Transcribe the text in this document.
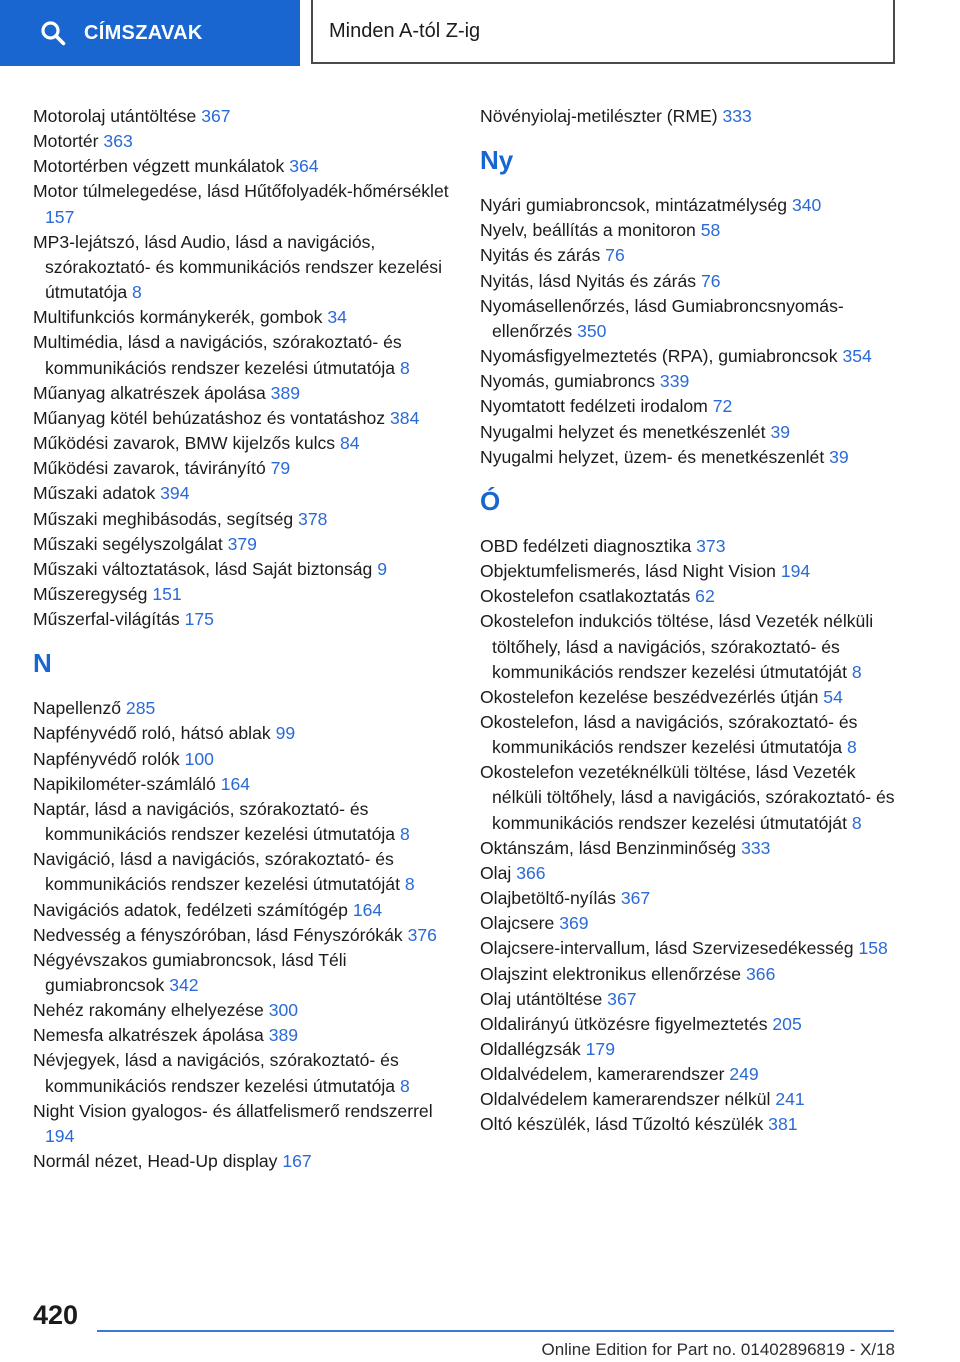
CÍMSZAVAK	Minden A-tól Z-ig
Motorolaj utántöltése 367
Motortér 363
Motortérben végzett munkálatok 364
Motor túlmelegedése, lásd Hűtőfolyadék-hőmérséklet 157
MP3-lejátszó, lásd Audio, lásd a navigációs, szórakoztató- és kommunikációs rendszer kezelési útmutatója 8
Multifunkciós kormánykerék, gombok 34
Multimédia, lásd a navigációs, szórakoztató- és kommunikációs rendszer kezelési útmutatója 8
Műanyag alkatrészek ápolása 389
Műanyag kötél behúzatáshoz és vontatáshoz 384
Működési zavarok, BMW kijelzős kulcs 84
Működési zavarok, távirányító 79
Műszaki adatok 394
Műszaki meghibásodás, segítség 378
Műszaki segélyszolgálat 379
Műszaki változtatások, lásd Saját biztonság 9
Műszeregység 151
Műszerfal-világítás 175
N
Napellenző 285
Napfényvédő roló, hátsó ablak 99
Napfényvédő rolók 100
Napikilométer-számláló 164
Naptár, lásd a navigációs, szórakoztató- és kommunikációs rendszer kezelési útmutatója 8
Navigáció, lásd a navigációs, szórakoztató- és kommunikációs rendszer kezelési útmutatóját 8
Navigációs adatok, fedélzeti számítógép 164
Nedvesség a fényszóróban, lásd Fényszórókák 376
Négyévszakos gumiabroncsok, lásd Téli gumiabroncsok 342
Nehéz rakomány elhelyezése 300
Nemesfa alkatrészek ápolása 389
Névjegyek, lásd a navigációs, szórakoztató- és kommunikációs rendszer kezelési útmutatója 8
Night Vision gyalogos- és állatfelismerő rendszerrel 194
Normál nézet, Head-Up display 167
Növényiolaj-metilészter (RME) 333
Ny
Nyári gumiabroncsok, mintázatmélység 340
Nyelv, beállítás a monitoron 58
Nyitás és zárás 76
Nyitás, lásd Nyitás és zárás 76
Nyomásellenőrzés, lásd Gumiabroncsnyomás-ellenőrzés 350
Nyomásfigyelmeztetés (RPA), gumiabroncsok 354
Nyomás, gumiabroncs 339
Nyomtatott fedélzeti irodalom 72
Nyugalmi helyzet és menetkészenlét 39
Nyugalmi helyzet, üzem- és menetkészenlét 39
Ó
OBD fedélzeti diagnosztika 373
Objektumfelismerés, lásd Night Vision 194
Okostelefon csatlakoztatás 62
Okostelefon indukciós töltése, lásd Vezeték nélküli töltőhely, lásd a navigációs, szórakoztató- és kommunikációs rendszer kezelési útmutatóját 8
Okostelefon kezelése beszédvezérlés útján 54
Okostelefon, lásd a navigációs, szórakoztató- és kommunikációs rendszer kezelési útmutatója 8
Okostelefon vezetéknélküli töltése, lásd Vezeték nélküli töltőhely, lásd a navigációs, szórakoztató- és kommunikációs rendszer kezelési útmutatóját 8
Oktánszám, lásd Benzinminőség 333
Olaj 366
Olajbetöltő-nyílás 367
Olajcsere 369
Olajcsere-intervallum, lásd Szervizesedékesség 158
Olajszint elektronikus ellenőrzése 366
Olaj utántöltése 367
Oldalirányú ütközésre figyelmeztetés 205
Oldallégzsák 179
Oldalvédelem, kamerarendszer 249
Oldalvédelem kamerarendszer nélkül 241
Oltó készülék, lásd Tűzoltó készülék 381
420
Online Edition for Part no. 01402896819 - X/18
